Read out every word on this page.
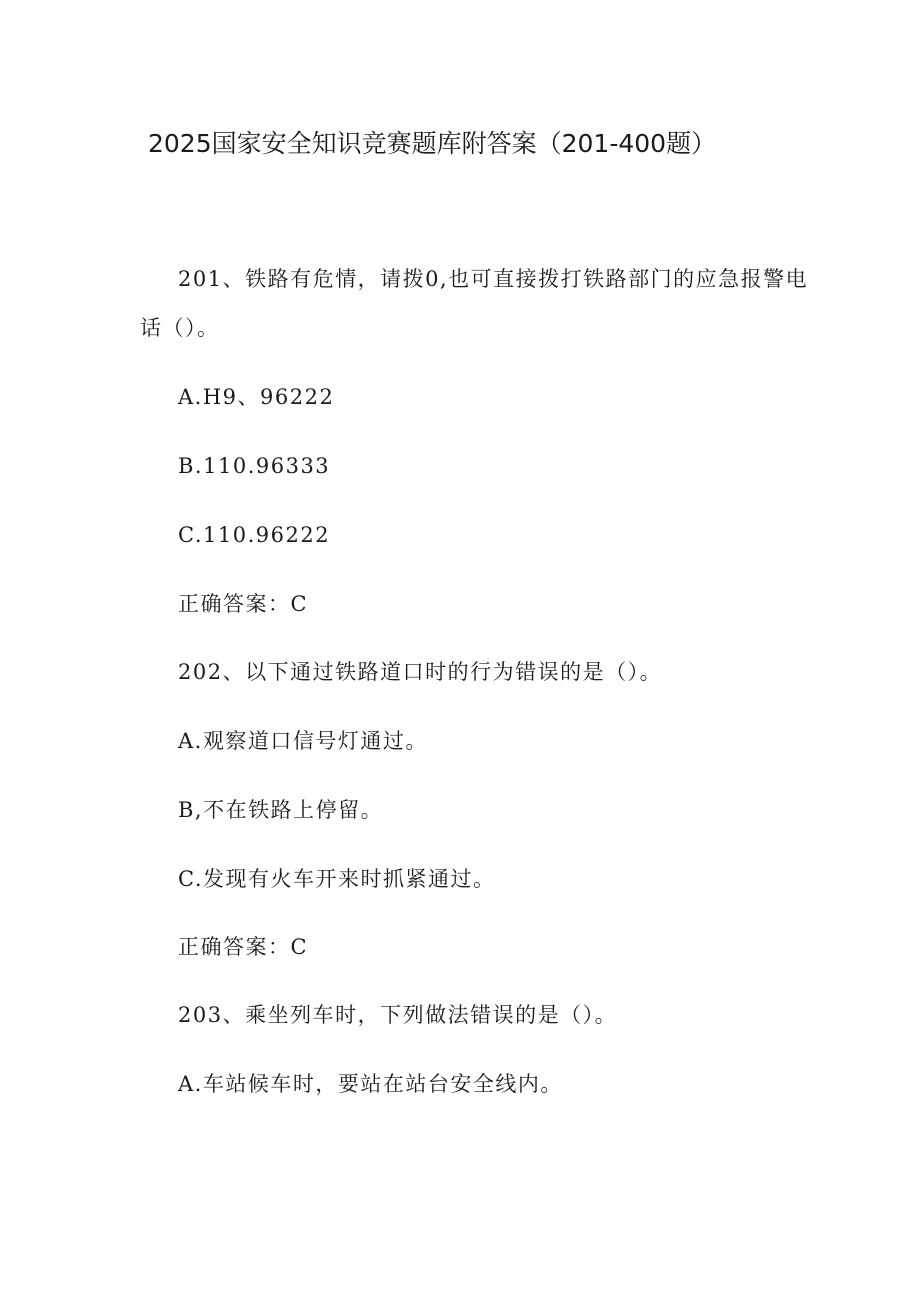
2025国家安全知识竞赛题库附答案（201-400题）
201、铁路有危情，请拨0,也可直接拨打铁路部门的应急报警电
话（）。
A.H9、96222
B.110.96333
C.110.96222
正确答案：C
202、以下通过铁路道口时的行为错误的是（）。
A.观察道口信号灯通过。
B,不在铁路上停留。
C.发现有火车开来时抓紧通过。
正确答案：C
203、乘坐列车时，下列做法错误的是（）。
A.车站候车时，要站在站台安全线内。
